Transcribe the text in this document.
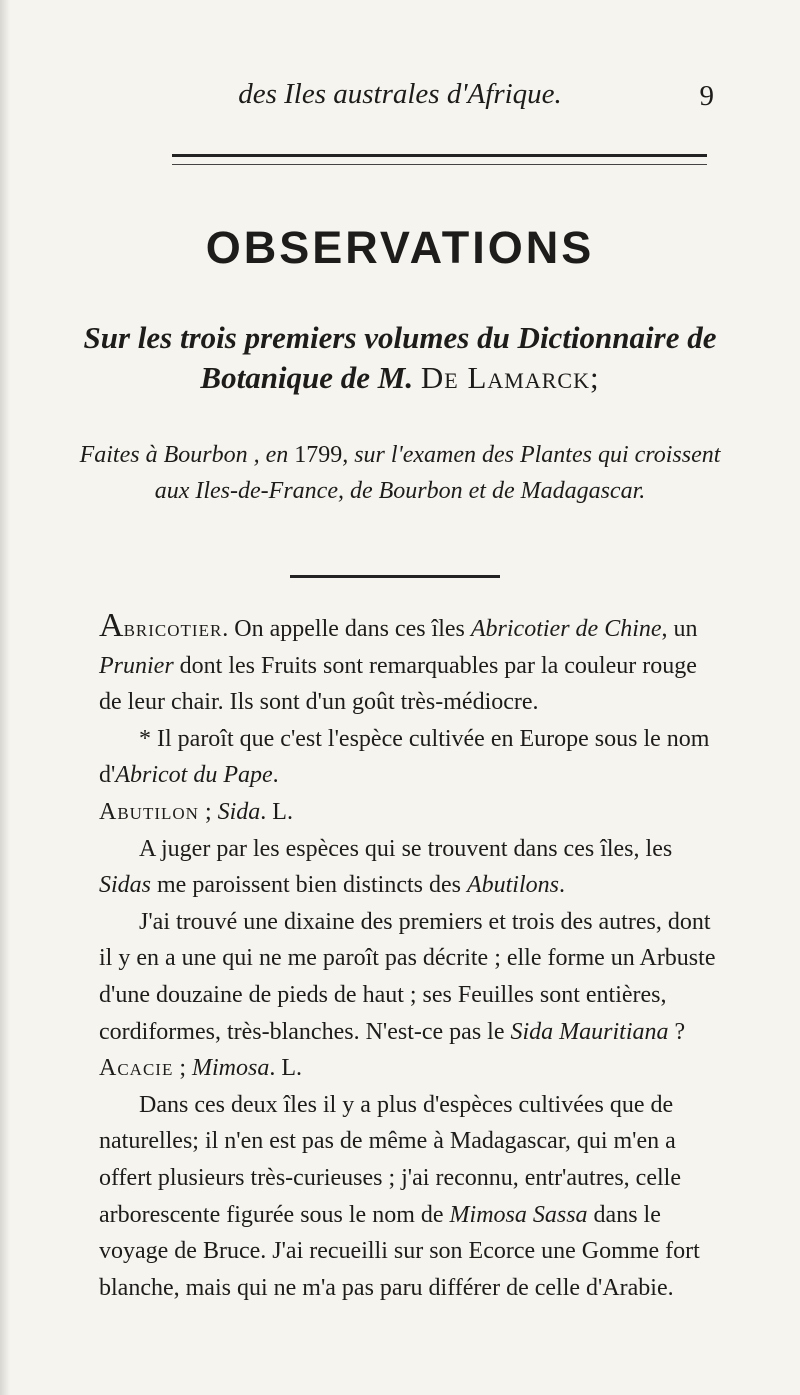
des Iles australes d'Afrique.	9
OBSERVATIONS
Sur les trois premiers volumes du Dictionnaire de
Botanique de M. De Lamarck;
Faites à Bourbon , en 1799, sur l'examen des Plantes qui croissent
aux Iles-de-France, de Bourbon et de Madagascar.

Abricotier. On appelle dans ces îles Abricotier de Chine, un Prunier dont les Fruits sont remarquables par la couleur rouge de leur chair. Ils sont d'un goût très-médiocre.

* Il paroît que c'est l'espèce cultivée en Europe sous le nom d'Abricot du Pape.

Abutilon ; Sida. L.

A juger par les espèces qui se trouvent dans ces îles, les Sidas me paroissent bien distincts des Abutilons.

J'ai trouvé une dixaine des premiers et trois des autres, dont il y en a une qui ne me paroît pas décrite ; elle forme un Arbuste d'une douzaine de pieds de haut ; ses Feuilles sont entières, cordiformes, très-blanches. N'est-ce pas le Sida Mauritiana ?

Acacie ; Mimosa. L.

Dans ces deux îles il y a plus d'espèces cultivées que de naturelles; il n'en est pas de même à Madagascar, qui m'en a offert plusieurs très-curieuses ; j'ai reconnu, entr'autres, celle arborescente figurée sous le nom de Mimosa Sassa dans le voyage de Bruce. J'ai recueilli sur son Ecorce une Gomme fort blanche, mais qui ne m'a pas paru différer de celle d'Arabie.
